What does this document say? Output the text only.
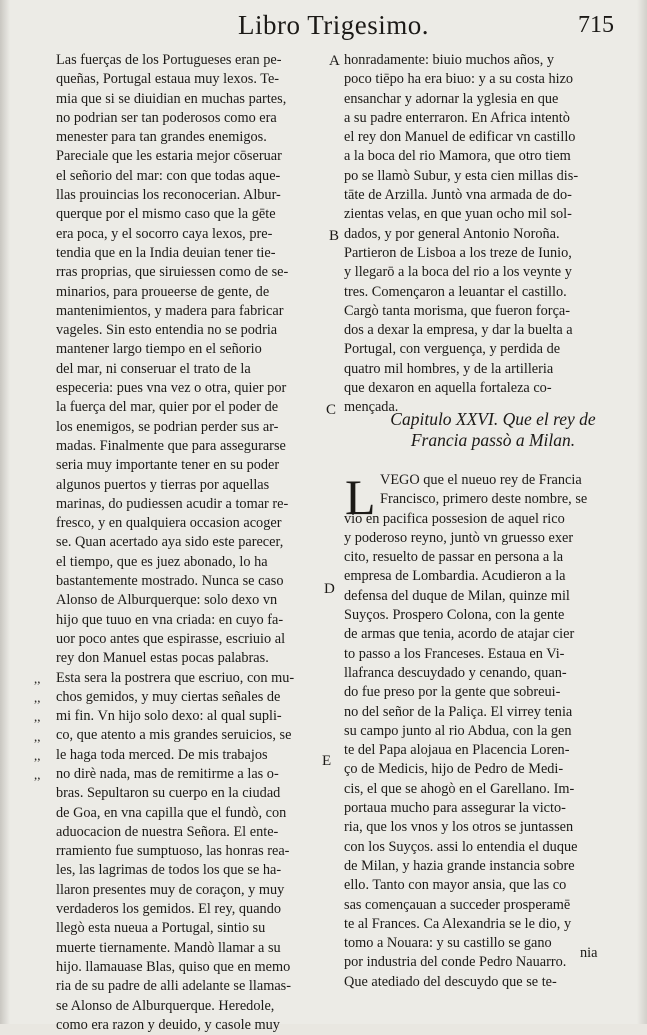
Libro Trigesimo.	715
Las fuerças de los Portugueses eran pe-
queñas, Portugal estaua muy lexos. Te-
mia que si se diuidian en muchas partes,
no podrian ser tan poderosos como era
menester para tan grandes enemigos.
Pareciale que les estaria mejor cōseruar
el señorio del mar: con que todas aque-
llas prouincias los reconocerian. Albur-
querque por el mismo caso que la gēte
era poca, y el socorro caya lexos, pre-
tendia que en la India deuian tener tie-
rras proprias, que siruiessen como de se-
minarios, para proueerse de gente, de
mantenimientos, y madera para fabricar
vageles. Sin esto entendia no se podria
mantener largo tiempo en el señorio
del mar, ni conseruar el trato de la
especeria: pues vna vez o otra, quier por
la fuerça del mar, quier por el poder de
los enemigos, se podrian perder sus ar-
madas. Finalmente que para assegurarse
seria muy importante tener en su poder
algunos puertos y tierras por aquellas
marinas, do pudiessen acudir a tomar re-
fresco, y en qualquiera occasion acoger
se. Quan acertado aya sido este parecer,
el tiempo, que es juez abonado, lo ha
bastantemente mostrado. Nunca se caso
Alonso de Alburquerque: solo dexo vn
hijo que tuuo en vna criada: en cuyo fa-
uor poco antes que espirasse, escriuio al
rey don Manuel estas pocas palabras.
Esta sera la postrera que escriuo, con mu-
chos gemidos, y muy ciertas señales de
mi fin. Vn hijo solo dexo: al qual supli-
co, que atento a mis grandes seruicios, se
le haga toda merced. De mis trabajos
no dirè nada, mas de remitirme a las o-
bras. Sepultaron su cuerpo en la ciudad
de Goa, en vna capilla que el fundò, con
aduocacion de nuestra Señora. El ente-
rramiento fue sumptuoso, las honras rea-
les, las lagrimas de todos los que se ha-
llaron presentes muy de coraçon, y muy
verdaderos los gemidos. El rey, quando
llegò esta nueua a Portugal, sintio su
muerte tiernamente. Mandò llamar a su
hijo. llamauase Blas, quiso que en memo
ria de su padre de alli adelante se llamas-
se Alonso de Alburquerque. Heredole,
como era razon y deuido, y casole muy
honradamente: biuio muchos años, y
poco tiēpo ha era biuo: y a su costa hizo
ensanchar y adornar la yglesia en que
a su padre enterraron. En Africa intentò
el rey don Manuel de edificar vn castillo
a la boca del rio Mamora, que otro tiem
po se llamò Subur, y esta cien millas dis-
tāte de Arzilla. Juntò vna armada de do-
zientas velas, en que yuan ocho mil sol-
dados, y por general Antonio Noroña.
Partieron de Lisboa a los treze de Iunio,
y llegarō a la boca del rio a los veynte y
tres. Començaron a leuantar el castillo.
Cargò tanta morisma, que fueron força-
dos a dexar la empresa, y dar la buelta a
Portugal, con verguença, y perdida de
quatro mil hombres, y de la artilleria
que dexaron en aquella fortaleza co-
mençada.
Capitulo XXVI. Que el rey de
Francia passò a Milan.
L VEGO que el nueuo rey de Francia
Francisco, primero deste nombre, se
vio en pacifica possesion de aquel rico
y poderoso reyno, juntò vn gruesso exer
cito, resuelto de passar en persona a la
empresa de Lombardia. Acudieron a la
defensa del duque de Milan, quinze mil
Suyços. Prospero Colona, con la gente
de armas que tenia, acordo de atajar cier
to passo a los Franceses. Estaua en Vi-
llafranca descuydado y cenando, quan-
do fue preso por la gente que sobreui-
no del señor de la Paliça. El virrey tenia
su campo junto al rio Abdua, con la gen
te del Papa alojaua en Placencia Loren-
ço de Medicis, hijo de Pedro de Medi-
cis, el que se ahogò en el Garellano. Im-
portaua mucho para assegurar la victo-
ria, que los vnos y los otros se juntassen
con los Suyços. assi lo entendia el duque
de Milan, y hazia grande instancia sobre
ello. Tanto con mayor ansia, que las co
sas començauan a succeder prosperamē
te al Frances. Ca Alexandria se le dio, y
tomo a Nouara: y su castillo se gano
por industria del conde Pedro Nauarro.
Que atediado del descuydo que se te-
nia
A
B
C
D
E
,,
,,
,,
,,
,,
,,
